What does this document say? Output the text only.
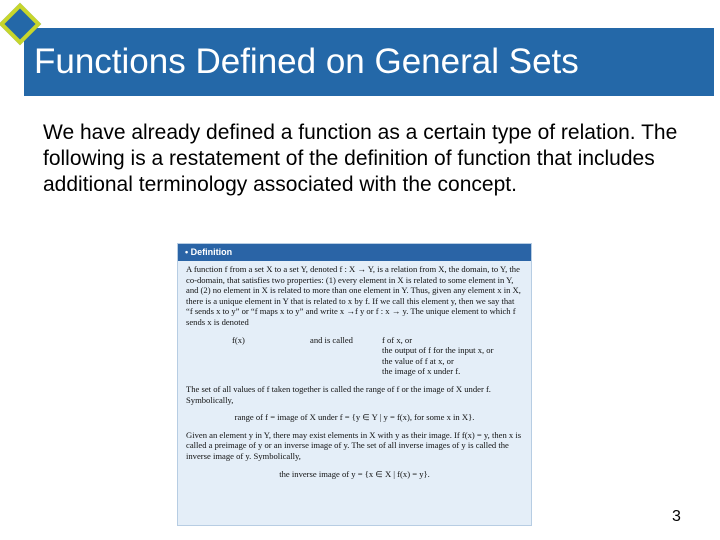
Functions Defined on General Sets

We have already defined a function as a certain type of relation. The following is a restatement of the definition of function that includes additional terminology associated with the concept.

• Definition

A function f from a set X to a set Y, denoted f : X → Y, is a relation from X, the domain, to Y, the co-domain, that satisfies two properties: (1) every element in X is related to some element in Y, and (2) no element in X is related to more than one element in Y. Thus, given any element x in X, there is a unique element in Y that is related to x by f. If we call this element y, then we say that “f sends x to y” or “f maps x to y” and write x →f y or f : x → y. The unique element to which f sends x is denoted

f(x)	and is called	f of x, or
the output of f for the input x, or
the value of f at x, or
the image of x under f.

The set of all values of f taken together is called the range of f or the image of X under f. Symbolically,

range of f = image of X under f = {y ∈ Y | y = f(x), for some x in X}.

Given an element y in Y, there may exist elements in X with y as their image. If f(x) = y, then x is called a preimage of y or an inverse image of y. The set of all inverse images of y is called the inverse image of y. Symbolically,

the inverse image of y = {x ∈ X | f(x) = y}.

3
